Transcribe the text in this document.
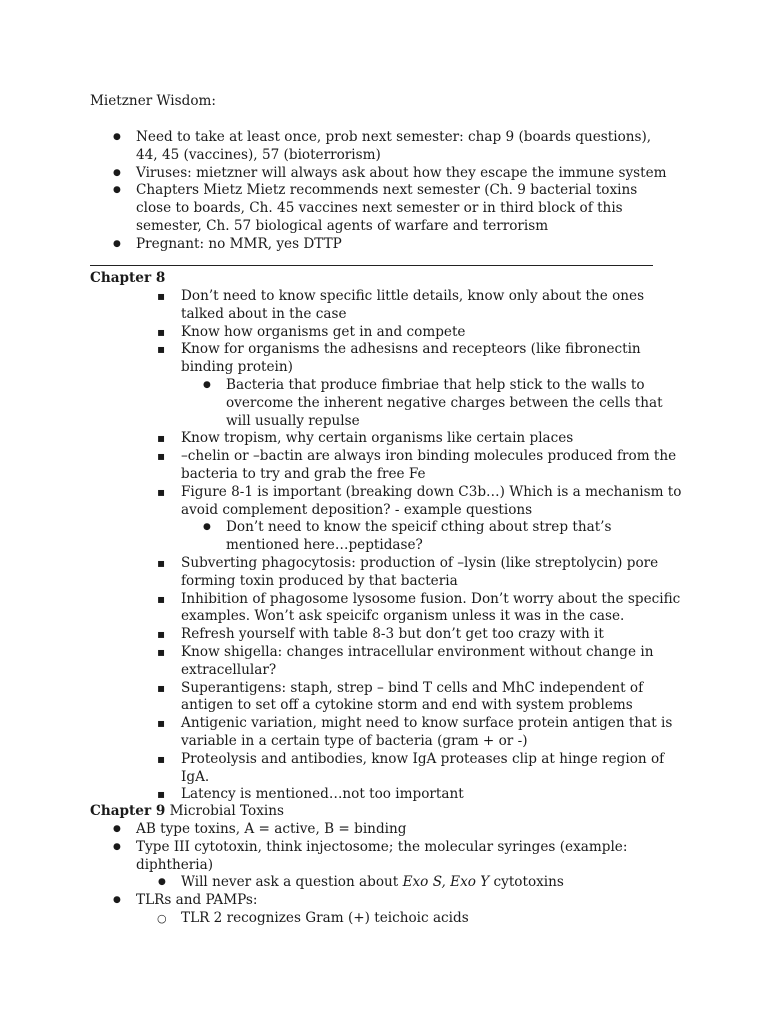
Mietzner Wisdom:
● Need to take at least once, prob next semester: chap 9 (boards questions), 44, 45 (vaccines), 57 (bioterrorism)
● Viruses: mietzner will always ask about how they escape the immune system
● Chapters Mietz Mietz recommends next semester (Ch. 9 bacterial toxins close to boards, Ch. 45 vaccines next semester or in third block of this semester, Ch. 57 biological agents of warfare and terrorism
● Pregnant: no MMR, yes DTTP
Chapter 8
▪ Don’t need to know specific little details, know only about the ones talked about in the case
▪ Know how organisms get in and compete
▪ Know for organisms the adhesisns and recepteors (like fibronectin binding protein)
● Bacteria that produce fimbriae that help stick to the walls to overcome the inherent negative charges between the cells that will usually repulse
▪ Know tropism, why certain organisms like certain places
▪ –chelin or –bactin are always iron binding molecules produced from the bacteria to try and grab the free Fe
▪ Figure 8-1 is important (breaking down C3b…) Which is a mechanism to avoid complement deposition? - example questions
● Don’t need to know the speicif cthing about strep that’s mentioned here…peptidase?
▪ Subverting phagocytosis: production of –lysin (like streptolycin) pore forming toxin produced by that bacteria
▪ Inhibition of phagosome lysosome fusion. Don’t worry about the specific examples. Won’t ask speicifc organism unless it was in the case.
▪ Refresh yourself with table 8-3 but don’t get too crazy with it
▪ Know shigella: changes intracellular environment without change in extracellular?
▪ Superantigens: staph, strep – bind T cells and MhC independent of antigen to set off a cytokine storm and end with system problems
▪ Antigenic variation, might need to know surface protein antigen that is variable in a certain type of bacteria (gram + or -)
▪ Proteolysis and antibodies, know IgA proteases clip at hinge region of IgA.
▪ Latency is mentioned…not too important
Chapter 9 Microbial Toxins
● AB type toxins, A = active, B = binding
● Type III cytotoxin, think injectosome; the molecular syringes (example: diphtheria)
● Will never ask a question about Exo S, Exo Y cytotoxins
● TLRs and PAMPs:
○ TLR 2 recognizes Gram (+) teichoic acids
